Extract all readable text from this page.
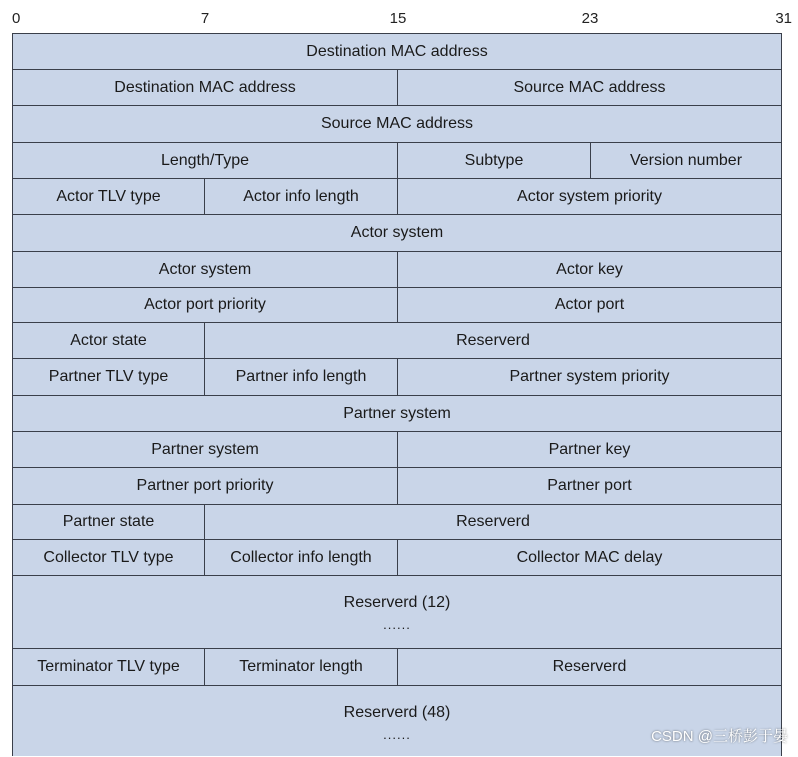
0	7	15	23	31
Destination MAC address
Destination MAC address	Source MAC address
Source MAC address
Length/Type	Subtype	Version number
Actor TLV type	Actor info length	Actor system priority
Actor system
Actor system	Actor key
Actor port priority	Actor port
Actor state	Reserverd
Partner TLV type	Partner info length	Partner system priority
Partner system
Partner system	Partner key
Partner port priority	Partner port
Partner state	Reserverd
Collector TLV type	Collector info length	Collector MAC delay
Reserverd (12)
......
Terminator TLV type	Terminator length	Reserverd
Reserverd (48)
......	CSDN @三桥彭于晏
